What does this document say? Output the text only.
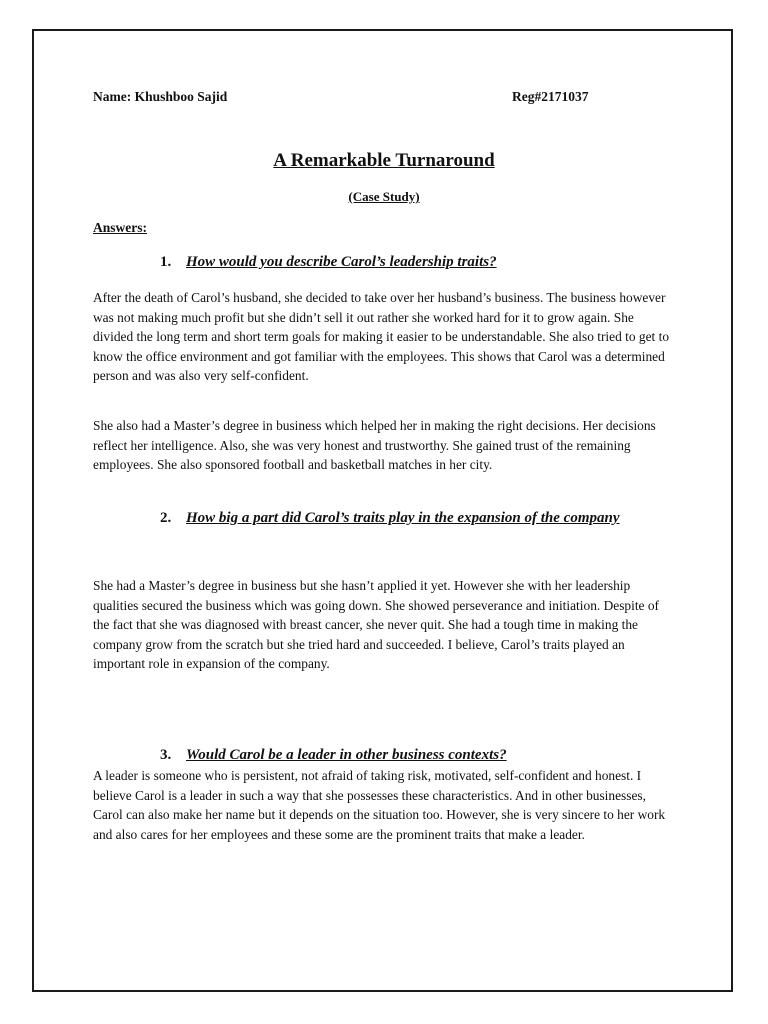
Name: Khushboo Sajid	Reg#2171037
A Remarkable Turnaround
(Case Study)
Answers:
1. How would you describe Carol’s leadership traits?

After the death of Carol’s husband, she decided to take over her husband’s business. The business however was not making much profit but she didn’t sell it out rather she worked hard for it to grow again. She divided the long term and short term goals for making it easier to be understandable. She also tried to get to know the office environment and got familiar with the employees. This shows that Carol was a determined person and was also very self-confident.

She also had a Master’s degree in business which helped her in making the right decisions. Her decisions reflect her intelligence. Also, she was very honest and trustworthy. She gained trust of the remaining employees. She also sponsored football and basketball matches in her city.

2. How big a part did Carol’s traits play in the expansion of the company

She had a Master’s degree in business but she hasn’t applied it yet. However she with her leadership qualities secured the business which was going down. She showed perseverance and initiation. Despite of the fact that she was diagnosed with breast cancer, she never quit. She had a tough time in making the company grow from the scratch but she tried hard and succeeded. I believe, Carol’s traits played an important role in expansion of the company.

3. Would Carol be a leader in other business contexts?

A leader is someone who is persistent, not afraid of taking risk, motivated, self-confident and honest. I believe Carol is a leader in such a way that she possesses these characteristics. And in other businesses, Carol can also make her name but it depends on the situation too. However, she is very sincere to her work and also cares for her employees and these some are the prominent traits that make a leader.
